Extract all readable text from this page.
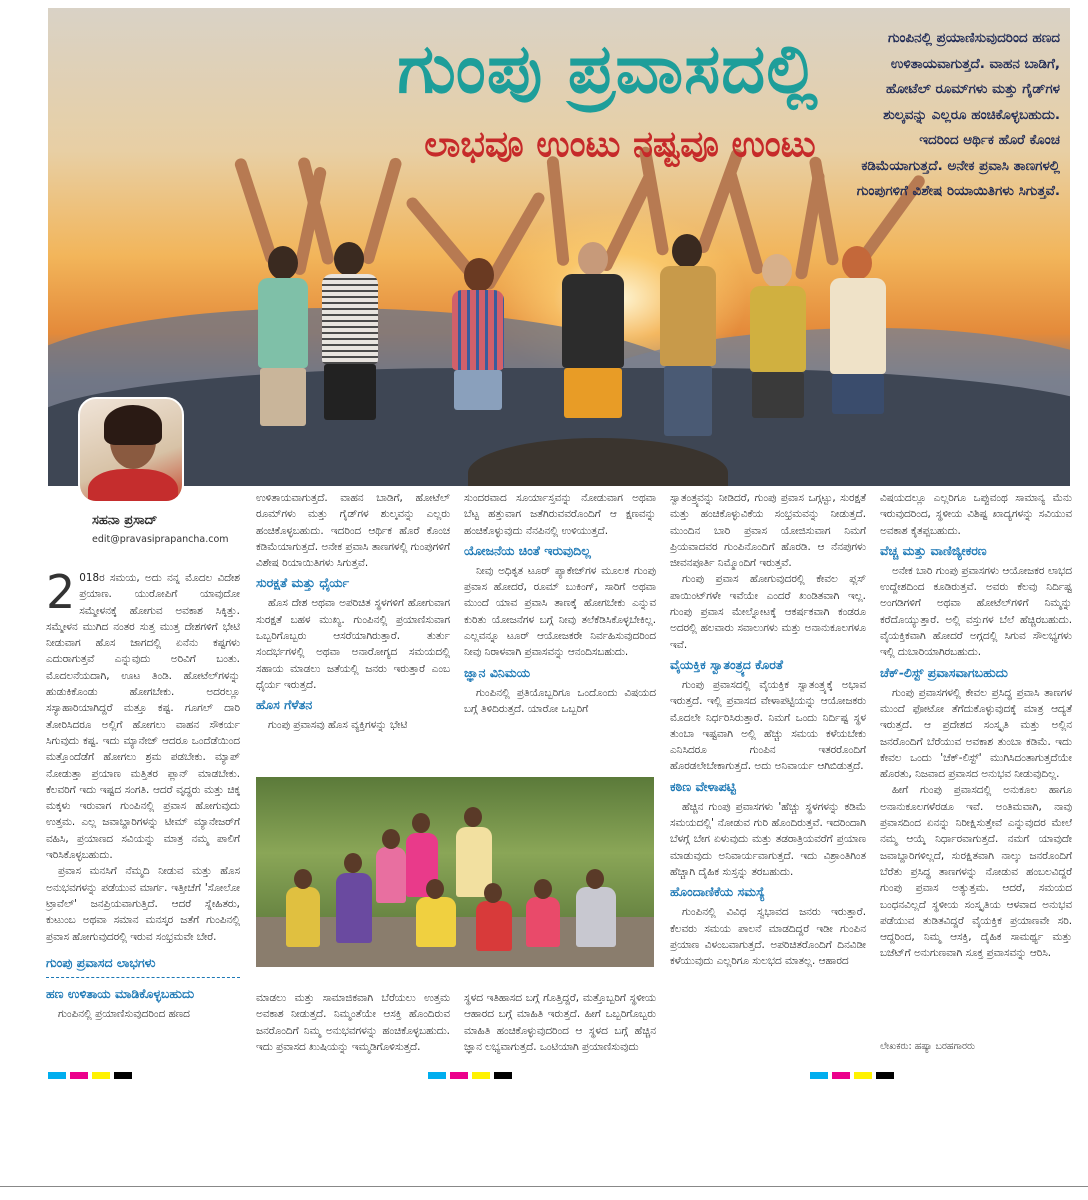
ಗುಂಪು ಪ್ರವಾಸದಲ್ಲಿ
ಲಾಭವೂ ಉಂಟು ನಷ್ಟವೂ ಉಂಟು
ಗುಂಪಿನಲ್ಲಿ ಪ್ರಯಾಣಿಸುವುದರಿಂದ ಹಣದ ಉಳಿತಾಯವಾಗುತ್ತದೆ. ವಾಹನ ಬಾಡಿಗೆ, ಹೋಟೆಲ್ ರೂಮ್‌ಗಳು ಮತ್ತು ಗೈಡ್‌ಗಳ ಶುಲ್ಕವನ್ನು ಎಲ್ಲರೂ ಹಂಚಿಕೊಳ್ಳಬಹುದು. ಇದರಿಂದ ಆರ್ಥಿಕ ಹೊರೆ ಕೊಂಚ ಕಡಿಮೆಯಾಗುತ್ತದೆ. ಅನೇಕ ಪ್ರವಾಸಿ ತಾಣಗಳಲ್ಲಿ ಗುಂಪುಗಳಿಗೆ ವಿಶೇಷ ರಿಯಾಯಿತಿಗಳು ಸಿಗುತ್ತವೆ.
ಸಹನಾ ಪ್ರಸಾದ್
edit@pravasiprapancha.com

2 018ರ ಸಮಯ, ಅದು ನನ್ನ ಮೊದಲ ವಿದೇಶ ಪ್ರಯಾಣ. ಯುರೋಪಿಗೆ ಯಾವುದೋ ಸಮ್ಮೇಳನಕ್ಕೆ ಹೋಗುವ ಅವಕಾಶ ಸಿಕ್ಕಿತ್ತು. ಸಮ್ಮೇಳನ ಮುಗಿದ ನಂತರ ಸುತ್ತ ಮುತ್ತ ದೇಶಗಳಿಗೆ ಭೇಟಿ ನೀಡುವಾಗ ಹೊಸ ಜಾಗದಲ್ಲಿ ಏನೆನು ಕಷ್ಟಗಳು ಎದುರಾಗುತ್ತವೆ ಎನ್ನುವುದು ಅರಿವಿಗೆ ಬಂತು. ಮೊದಲನೆಯದಾಗಿ, ಊಟ ತಿಂಡಿ. ಹೋಟೆಲ್‌ಗಳನ್ನು ಹುಡುಕಿಕೊಂಡು ಹೋಗಬೇಕು. ಅದರಲ್ಲೂ ಸಸ್ಯಾಹಾರಿಯಾಗಿದ್ದರೆ ಮತ್ತೂ ಕಷ್ಟ. ಗೂಗಲ್ ದಾರಿ ತೋರಿಸಿದರೂ ಅಲ್ಲಿಗೆ ಹೋಗಲು ವಾಹನ ಸೌಕರ್ಯ ಸಿಗುವುದು ಕಷ್ಟ. ಇದು ಮ್ಯಾನೇಜ್ ಆದರೂ ಒಂದೆಡೆಯಿಂದ ಮತ್ತೊಂದೆಡೆಗೆ ಹೋಗಲು ಶ್ರಮ ಪಡಬೇಕು. ಮ್ಯಾಪ್ ನೋಡುತ್ತಾ ಪ್ರಯಾಣ ಮತ್ತಿತರ ಪ್ಲಾನ್ ಮಾಡಬೇಕು. ಕೆಲವರಿಗೆ ಇದು ಇಷ್ಟದ ಸಂಗತಿ. ಆದರೆ ವೃದ್ಧರು ಮತ್ತು ಚಿಕ್ಕ ಮಕ್ಕಳು ಇರುವಾಗ ಗುಂಪಿನಲ್ಲಿ ಪ್ರವಾಸ ಹೋಗುವುದು ಉತ್ತಮ. ಎಲ್ಲ ಜವಾಬ್ದಾರಿಗಳನ್ನು ಟೀಮ್ ಮ್ಯಾನೇಜರ್‌ಗೆ ವಹಿಸಿ, ಪ್ರಯಾಣದ ಸವಿಯನ್ನು ಮಾತ್ರ ನಮ್ಮ ಪಾಲಿಗೆ ಇರಿಸಿಕೊಳ್ಳಬಹುದು.

ಪ್ರವಾಸ ಮನಸಿಗೆ ನೆಮ್ಮದಿ ನೀಡುವ ಮತ್ತು ಹೊಸ ಅನುಭವಗಳನ್ನು ಪಡೆಯುವ ಮಾರ್ಗ. ಇತ್ತೀಚೆಗೆ 'ಸೋಲೋ ಟ್ರಾವೆಲ್' ಜನಪ್ರಿಯವಾಗುತ್ತಿದೆ. ಆದರೆ ಸ್ನೇಹಿತರು, ಕುಟುಂಬ ಅಥವಾ ಸಮಾನ ಮನಸ್ಕರ ಜತೆಗೆ ಗುಂಪಿನಲ್ಲಿ ಪ್ರವಾಸ ಹೋಗುವುದರಲ್ಲಿ ಇರುವ ಸಂಭ್ರಮವೇ ಬೇರೆ.

ಗುಂಪು ಪ್ರವಾಸದ ಲಾಭಗಳು
ಹಣ ಉಳಿತಾಯ ಮಾಡಿಕೊಳ್ಳಬಹುದು

ಗುಂಪಿನಲ್ಲಿ ಪ್ರಯಾಣಿಸುವುದರಿಂದ ಹಣದ

ಉಳಿತಾಯವಾಗುತ್ತದೆ. ವಾಹನ ಬಾಡಿಗೆ, ಹೋಟೆಲ್ ರೂಮ್‌ಗಳು ಮತ್ತು ಗೈಡ್‌ಗಳ ಶುಲ್ಕವನ್ನು ಎಲ್ಲರು ಹಂಚಿಕೊಳ್ಳಬಹುದು. ಇದರಿಂದ ಆರ್ಥಿಕ ಹೊರೆ ಕೊಂಚ ಕಡಿಮೆಯಾಗುತ್ತದೆ. ಅನೇಕ ಪ್ರವಾಸಿ ತಾಣಗಳಲ್ಲಿ ಗುಂಪುಗಳಿಗೆ ವಿಶೇಷ ರಿಯಾಯಿತಿಗಳು ಸಿಗುತ್ತವೆ.

ಸುರಕ್ಷತೆ ಮತ್ತು ಧೈರ್ಯ

ಹೊಸ ದೇಶ ಅಥವಾ ಅಪರಿಚಿತ ಸ್ಥಳಗಳಿಗೆ ಹೋಗುವಾಗ ಸುರಕ್ಷತೆ ಬಹಳ ಮುಖ್ಯ. ಗುಂಪಿನಲ್ಲಿ ಪ್ರಯಾಣಿಸುವಾಗ ಒಬ್ಬರಿಗೊಬ್ಬರು ಆಸರೆಯಾಗಿರುತ್ತಾರೆ. ತುರ್ತು ಸಂದರ್ಭಗಳಲ್ಲಿ ಅಥವಾ ಅನಾರೋಗ್ಯದ ಸಮಯದಲ್ಲಿ ಸಹಾಯ ಮಾಡಲು ಜತೆಯಲ್ಲಿ ಜನರು ಇರುತ್ತಾರೆ ಎಂಬ ಧೈರ್ಯ ಇರುತ್ತದೆ.

ಹೊಸ ಗೆಳೆತನ

ಗುಂಪು ಪ್ರವಾಸವು ಹೊಸ ವ್ಯಕ್ತಿಗಳನ್ನು ಭೇಟಿ

ಮಾಡಲು ಮತ್ತು ಸಾಮಾಜಿಕವಾಗಿ ಬೆರೆಯಲು ಉತ್ತಮ ಅವಕಾಶ ನೀಡುತ್ತದೆ. ನಿಮ್ಮಂತೆಯೇ ಆಸಕ್ತಿ ಹೊಂದಿರುವ ಜನರೊಂದಿಗೆ ನಿಮ್ಮ ಅನುಭವಗಳನ್ನು ಹಂಚಿಕೊಳ್ಳಬಹುದು. ಇದು ಪ್ರವಾಸದ ಖುಷಿಯನ್ನು ಇಮ್ಮಡಿಗೊಳಿಸುತ್ತದೆ.

ಸುಂದರವಾದ ಸೂರ್ಯಾಸ್ತವನ್ನು ನೋಡುವಾಗ ಅಥವಾ ಬೆಟ್ಟ ಹತ್ತುವಾಗ ಜತೆಗಿರುವವರೊಂದಿಗೆ ಆ ಕ್ಷಣವನ್ನು ಹಂಚಿಕೊಳ್ಳುವುದು ನೆನಪಿನಲ್ಲಿ ಉಳಿಯುತ್ತದೆ.

ಯೋಜನೆಯ ಚಿಂತೆ ಇರುವುದಿಲ್ಲ

ನೀವು ಅಧಿಕೃತ ಟೂರ್ ಪ್ಯಾಕೇಜ್‌ಗಳ ಮೂಲಕ ಗುಂಪು ಪ್ರವಾಸ ಹೋದರೆ, ರೂಮ್ ಬುಕಿಂಗ್, ಸಾರಿಗೆ ಅಥವಾ ಮುಂದೆ ಯಾವ ಪ್ರವಾಸಿ ತಾಣಕ್ಕೆ ಹೋಗಬೇಕು ಎನ್ನುವ ಕುರಿತು ಯೋಜನೆಗಳ ಬಗ್ಗೆ ನೀವು ತಲೆಕೆಡಿಸಿಕೊಳ್ಳಬೇಕಿಲ್ಲ. ಎಲ್ಲವನ್ನೂ ಟೂರ್ ಆಯೋಜಕರೇ ನಿರ್ವಹಿಸುವುದರಿಂದ ನೀವು ನಿರಾಳವಾಗಿ ಪ್ರವಾಸವನ್ನು ಆನಂದಿಸಬಹುದು.

ಜ್ಞಾನ ವಿನಿಮಯ

ಗುಂಪಿನಲ್ಲಿ ಪ್ರತಿಯೊಬ್ಬರಿಗೂ ಒಂದೊಂದು ವಿಷಯದ ಬಗ್ಗೆ ತಿಳಿದಿರುತ್ತದೆ. ಯಾರೋ ಒಬ್ಬರಿಗೆ

ಸ್ಥಳದ ಇತಿಹಾಸದ ಬಗ್ಗೆ ಗೊತ್ತಿದ್ದರೆ, ಮತ್ತೊಬ್ಬರಿಗೆ ಸ್ಥಳೀಯ ಆಹಾರದ ಬಗ್ಗೆ ಮಾಹಿತಿ ಇರುತ್ತದೆ. ಹೀಗೆ ಒಬ್ಬರಿಗೊಬ್ಬರು ಮಾಹಿತಿ ಹಂಚಿಕೊಳ್ಳುವುದರಿಂದ ಆ ಸ್ಥಳದ ಬಗ್ಗೆ ಹೆಚ್ಚಿನ ಜ್ಞಾನ ಲಭ್ಯವಾಗುತ್ತದೆ. ಒಂಟಿಯಾಗಿ ಪ್ರಯಾಣಿಸುವುದು

ಸ್ವಾತಂತ್ರ್ಯವನ್ನು ನೀಡಿದರೆ, ಗುಂಪು ಪ್ರವಾಸ ಒಗ್ಗಟ್ಟು, ಸುರಕ್ಷತೆ ಮತ್ತು ಹಂಚಿಕೊಳ್ಳುವಿಕೆಯ ಸಂಭ್ರಮವನ್ನು ನೀಡುತ್ತದೆ. ಮುಂದಿನ ಬಾರಿ ಪ್ರವಾಸ ಯೋಜಿಸುವಾಗ ನಿಮಗೆ ಪ್ರಿಯವಾದವರ ಗುಂಪಿನೊಂದಿಗೆ ಹೊರಡಿ. ಆ ನೆನಪುಗಳು ಜೀವನಪೂರ್ತಿ ನಿಮ್ಮೊಂದಿಗೆ ಇರುತ್ತವೆ.

ಗುಂಪು ಪ್ರವಾಸ ಹೋಗುವುದರಲ್ಲಿ ಕೇವಲ ಪ್ಲಸ್ ಪಾಯಿಂಟ್‌ಗಳೇ ಇವೆಯೇ ಎಂದರೆ ಖಂಡಿತವಾಗಿ ಇಲ್ಲ. ಗುಂಪು ಪ್ರವಾಸ ಮೇಲ್ನೋಟಕ್ಕೆ ಆಕರ್ಷಕವಾಗಿ ಕಂಡರೂ ಅದರಲ್ಲಿ ಹಲವಾರು ಸವಾಲುಗಳು ಮತ್ತು ಅನಾನುಕೂಲಗಳೂ ಇವೆ.

ವೈಯಕ್ತಿಕ ಸ್ವಾತಂತ್ರ್ಯದ ಕೊರತೆ

ಗುಂಪು ಪ್ರವಾಸದಲ್ಲಿ ವೈಯಕ್ತಿಕ ಸ್ವಾತಂತ್ರ್ಯಕ್ಕೆ ಅಭಾವ ಇರುತ್ತದೆ. ಇಲ್ಲಿ ಪ್ರವಾಸದ ವೇಳಾಪಟ್ಟಿಯನ್ನು ಆಯೋಜಕರು ಮೊದಲೇ ನಿರ್ಧರಿಸಿರುತ್ತಾರೆ. ನಿಮಗೆ ಒಂದು ನಿರ್ದಿಷ್ಟ ಸ್ಥಳ ತುಂಬಾ ಇಷ್ಟವಾಗಿ ಅಲ್ಲಿ ಹೆಚ್ಚು ಸಮಯ ಕಳೆಯಬೇಕು ಎನಿಸಿದರೂ ಗುಂಪಿನ ಇತರರೊಂದಿಗೆ ಹೊರಡಲೇಬೇಕಾಗುತ್ತದೆ. ಅದು ಅನಿವಾರ್ಯ ಆಗಿಬಿಡುತ್ತದೆ.

ಕಠಿಣ ವೇಳಾಪಟ್ಟಿ

ಹೆಚ್ಚಿನ ಗುಂಪು ಪ್ರವಾಸಗಳು 'ಹೆಚ್ಚು ಸ್ಥಳಗಳನ್ನು ಕಡಿಮೆ ಸಮಯದಲ್ಲಿ' ನೋಡುವ ಗುರಿ ಹೊಂದಿರುತ್ತವೆ. ಇದರಿಂದಾಗಿ ಬೆಳಗ್ಗೆ ಬೇಗ ಏಳುವುದು ಮತ್ತು ತಡರಾತ್ರಿಯವರೆಗೆ ಪ್ರಯಾಣ ಮಾಡುವುದು ಅನಿವಾರ್ಯವಾಗುತ್ತದೆ. ಇದು ವಿಶ್ರಾಂತಿಗಿಂತ ಹೆಚ್ಚಾಗಿ ದೈಹಿಕ ಸುಸ್ತನ್ನು ತರಬಹುದು.

ಹೊಂದಾಣಿಕೆಯ ಸಮಸ್ಯೆ

ಗುಂಪಿನಲ್ಲಿ ವಿವಿಧ ಸ್ವಭಾವದ ಜನರು ಇರುತ್ತಾರೆ. ಕೆಲವರು ಸಮಯ ಪಾಲನೆ ಮಾಡದಿದ್ದರೆ ಇಡೀ ಗುಂಪಿನ ಪ್ರಯಾಣ ವಿಳಂಬವಾಗುತ್ತದೆ. ಅಪರಿಚಿತರೊಂದಿಗೆ ದಿನವಿಡೀ ಕಳೆಯುವುದು ಎಲ್ಲರಿಗೂ ಸುಲಭದ ಮಾತಲ್ಲ. ಆಹಾರದ

ವಿಷಯದಲ್ಲೂ ಎಲ್ಲರಿಗೂ ಒಪ್ಪುವಂಥ ಸಾಮಾನ್ಯ ಮೆನು ಇರುವುದರಿಂದ, ಸ್ಥಳೀಯ ವಿಶಿಷ್ಟ ಖಾದ್ಯಗಳನ್ನು ಸವಿಯುವ ಅವಕಾಶ ಕೈತಪ್ಪಬಹುದು.

ವೆಚ್ಚ ಮತ್ತು ವಾಣಿಜ್ಯೀಕರಣ

ಅನೇಕ ಬಾರಿ ಗುಂಪು ಪ್ರವಾಸಗಳು ಆಯೋಜಕರ ಲಾಭದ ಉದ್ದೇಶದಿಂದ ಕೂಡಿರುತ್ತವೆ. ಅವರು ಕೆಲವು ನಿರ್ದಿಷ್ಟ ಅಂಗಡಿಗಳಿಗೆ ಅಥವಾ ಹೋಟೆಲ್‌ಗಳಿಗೆ ನಿಮ್ಮನ್ನು ಕರೆದೊಯ್ಯುತ್ತಾರೆ. ಅಲ್ಲಿ ವಸ್ತುಗಳ ಬೆಲೆ ಹೆಚ್ಚಿರಬಹುದು. ವೈಯಕ್ತಿಕವಾಗಿ ಹೋದರೆ ಅಗ್ಗದಲ್ಲಿ ಸಿಗುವ ಸೌಲಭ್ಯಗಳು ಇಲ್ಲಿ ದುಬಾರಿಯಾಗಿರಬಹುದು.

ಚೆಕ್-ಲಿಸ್ಟ್ ಪ್ರವಾಸವಾಗಬಹುದು

ಗುಂಪು ಪ್ರವಾಸಗಳಲ್ಲಿ ಕೇವಲ ಪ್ರಸಿದ್ಧ ಪ್ರವಾಸಿ ತಾಣಗಳ ಮುಂದೆ ಫೋಟೋ ತೆಗೆದುಕೊಳ್ಳುವುದಕ್ಕೆ ಮಾತ್ರ ಆದ್ಯತೆ ಇರುತ್ತದೆ. ಆ ಪ್ರದೇಶದ ಸಂಸ್ಕೃತಿ ಮತ್ತು ಅಲ್ಲಿನ ಜನರೊಂದಿಗೆ ಬೆರೆಯುವ ಅವಕಾಶ ತುಂಬಾ ಕಡಿಮೆ. ಇದು ಕೇವಲ ಒಂದು 'ಚೆಕ್-ಲಿಸ್ಟ್' ಮುಗಿಸಿದಂತಾಗುತ್ತದೆಯೇ ಹೊರತು, ನಿಜವಾದ ಪ್ರವಾಸದ ಅನುಭವ ನೀಡುವುದಿಲ್ಲ.

ಹೀಗೆ ಗುಂಪು ಪ್ರವಾಸದಲ್ಲಿ ಅನುಕೂಲ ಹಾಗೂ ಅನಾನುಕೂಲಗಳೆರಡೂ ಇವೆ. ಅಂತಿಮವಾಗಿ, ನಾವು ಪ್ರವಾಸದಿಂದ ಏನನ್ನು ನಿರೀಕ್ಷಿಸುತ್ತೇವೆ ಎನ್ನುವುದರ ಮೇಲೆ ನಮ್ಮ ಆಯ್ಕೆ ನಿರ್ಧಾರವಾಗುತ್ತದೆ. ನಮಗೆ ಯಾವುದೇ ಜವಾಬ್ದಾರಿಗಳಿಲ್ಲದೆ, ಸುರಕ್ಷಿತವಾಗಿ ನಾಲ್ಕು ಜನರೊಂದಿಗೆ ಬೆರೆತು ಪ್ರಸಿದ್ಧ ತಾಣಗಳನ್ನು ನೋಡುವ ಹಂಬಲವಿದ್ದರೆ ಗುಂಪು ಪ್ರವಾಸ ಅತ್ಯುತ್ತಮ. ಆದರೆ, ಸಮಯದ ಬಂಧನವಿಲ್ಲದೆ ಸ್ಥಳೀಯ ಸಂಸ್ಕೃತಿಯ ಆಳವಾದ ಅನುಭವ ಪಡೆಯುವ ತುಡಿತವಿದ್ದರೆ ವೈಯಕ್ತಿಕ ಪ್ರಯಾಣವೇ ಸರಿ. ಆದ್ದರಿಂದ, ನಿಮ್ಮ ಆಸಕ್ತಿ, ದೈಹಿಕ ಸಾಮರ್ಥ್ಯ ಮತ್ತು ಬಜೆಟ್‌ಗೆ ಅನುಗುಣವಾಗಿ ಸೂಕ್ತ ಪ್ರವಾಸವನ್ನು ಆರಿಸಿ.

ಲೇಖಕರು: ಹಷ್ಯಾ ಬರಹಗಾರರು
